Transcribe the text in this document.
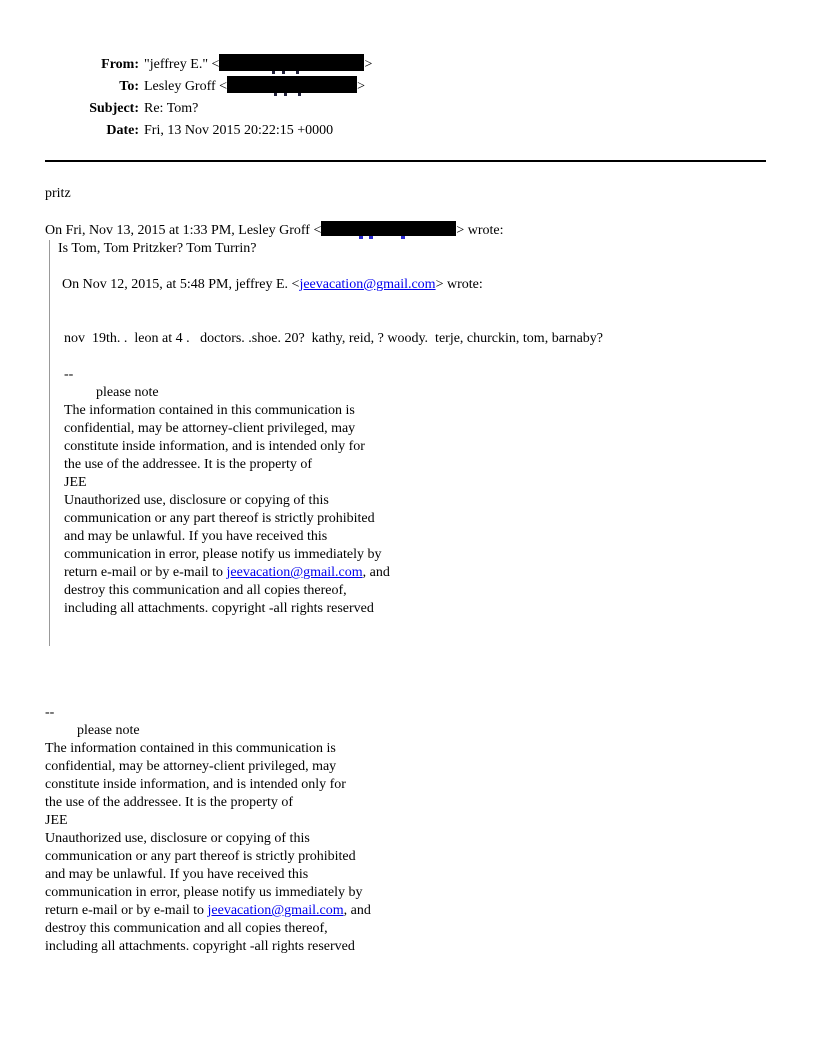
From: "jeffrey E." <	>
To: Lesley Groff <	>
Subject: Re: Tom?
Date: Fri, 13 Nov 2015 20:22:15 +0000
pritz
On Fri, Nov 13, 2015 at 1:33 PM, Lesley Groff <	> wrote:
Is Tom, Tom Pritzker? Tom Turrin?
On Nov 12, 2015, at 5:48 PM, jeffrey E. <jeevacation@gmail.com> wrote:
nov  19th. .  leon at 4 .   doctors. .shoe. 20?  kathy, reid, ? woody.  terje, churckin, tom, barnaby?
--
please note
The information contained in this communication is
confidential, may be attorney-client privileged, may
constitute inside information, and is intended only for
the use of the addressee. It is the property of
JEE
Unauthorized use, disclosure or copying of this
communication or any part thereof is strictly prohibited
and may be unlawful. If you have received this
communication in error, please notify us immediately by
return e-mail or by e-mail to jeevacation@gmail.com, and
destroy this communication and all copies thereof,
including all attachments. copyright -all rights reserved
--
please note
The information contained in this communication is
confidential, may be attorney-client privileged, may
constitute inside information, and is intended only for
the use of the addressee. It is the property of
JEE
Unauthorized use, disclosure or copying of this
communication or any part thereof is strictly prohibited
and may be unlawful. If you have received this
communication in error, please notify us immediately by
return e-mail or by e-mail to jeevacation@gmail.com, and
destroy this communication and all copies thereof,
including all attachments. copyright -all rights reserved
